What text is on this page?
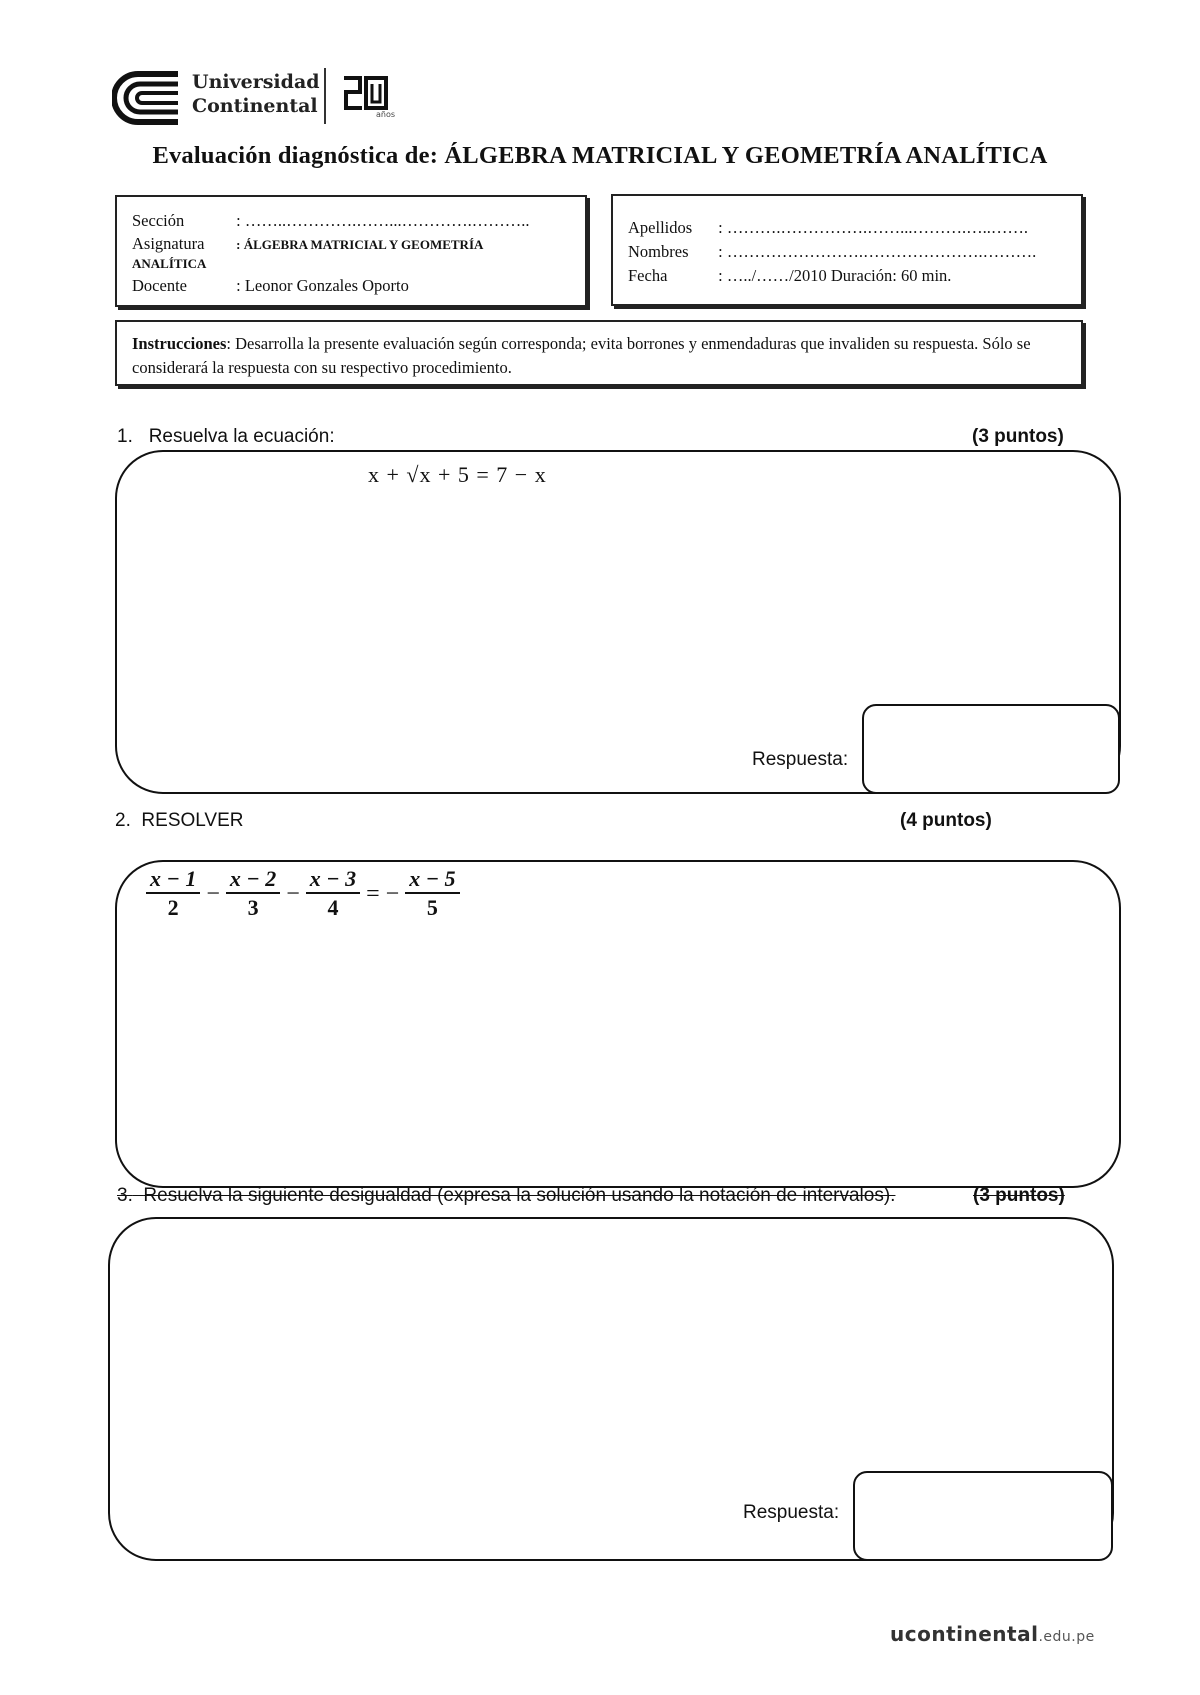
Universidad
Continental	años
Evaluación diagnóstica de: ÁLGEBRA MATRICIAL Y GEOMETRÍA ANALÍTICA
Sección	: ……..………….……...………….………..
Asignatura : ÁLGEBRA MATRICIAL Y GEOMETRÍA
ANALÍTICA
Docente	: Leonor Gonzales Oporto
Apellidos : ……….…………….……...……….…..…….
Nombres : …………………….………………….……….
Fecha	: …../……/2010 Duración: 60 min.
Instrucciones: Desarrolla la presente evaluación según corresponda; evita borrones y enmendaduras que invaliden su respuesta. Sólo se considerará la respuesta con su respectivo procedimiento.
1. Resuelva la ecuación:	(3 puntos)
x + √x + 5 = 7 − x
Respuesta:
2. RESOLVER	(4 puntos)
$\frac{x - 1}{2} - \frac{x - 2}{3} - \frac{x - 3}{4}$ = − $\frac{x - 5}{5}$
3. Resuelva la siguiente desigualdad (expresa la solución usando la notación de intervalos).	(3 puntos)
Respuesta:
ucontinental.edu.pe
